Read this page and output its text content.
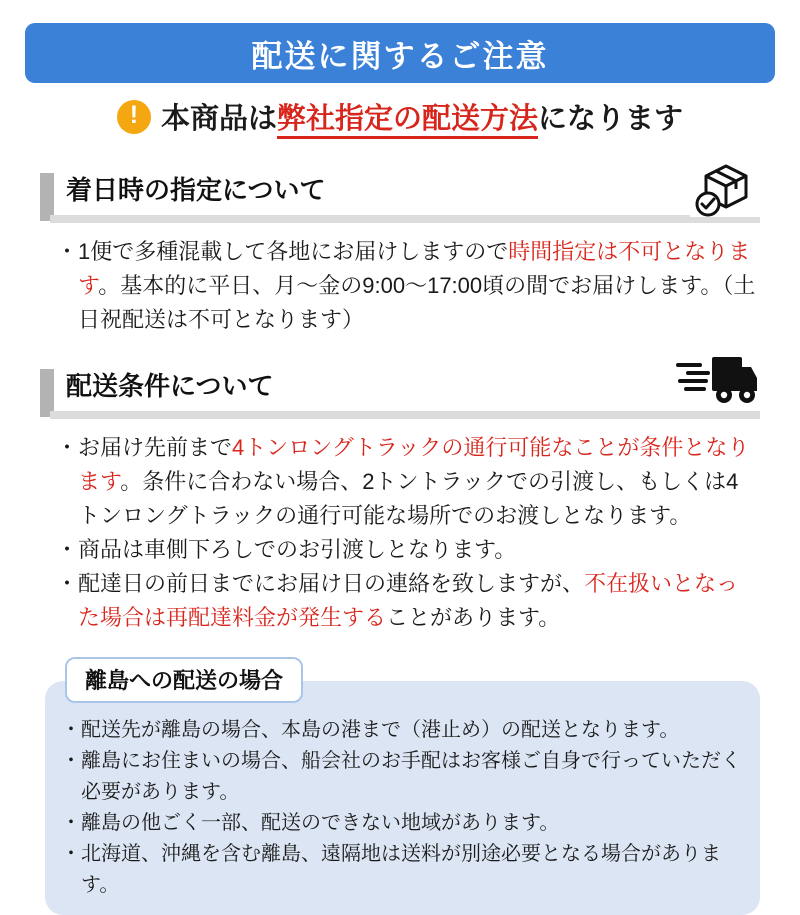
配送に関するご注意
! 本商品は弊社指定の配送方法になります
着日時の指定について
・ 1便で多種混載して各地にお届けしますので時間指定は不可となります。基本的に平日、月〜金の9:00〜17:00頃の間でお届けします。（土日祝配送は不可となります）

配送条件について
・ お届け先前まで4トンロングトラックの通行可能なことが条件となります。条件に合わない場合、2トントラックでの引渡し、もしくは4トンロングトラックの通行可能な場所でのお渡しとなります。

・ 商品は車側下ろしでのお引渡しとなります。

・ 配達日の前日までにお届け日の連絡を致しますが、不在扱いとなった場合は再配達料金が発生することがあります。

離島への配送の場合
・ 配送先が離島の場合、本島の港まで（港止め）の配送となります。

・ 離島にお住まいの場合、船会社のお手配はお客様ご自身で行っていただく必要があります。

・ 離島の他ごく一部、配送のできない地域があります。

・ 北海道、沖縄を含む離島、遠隔地は送料が別途必要となる場合があります。
